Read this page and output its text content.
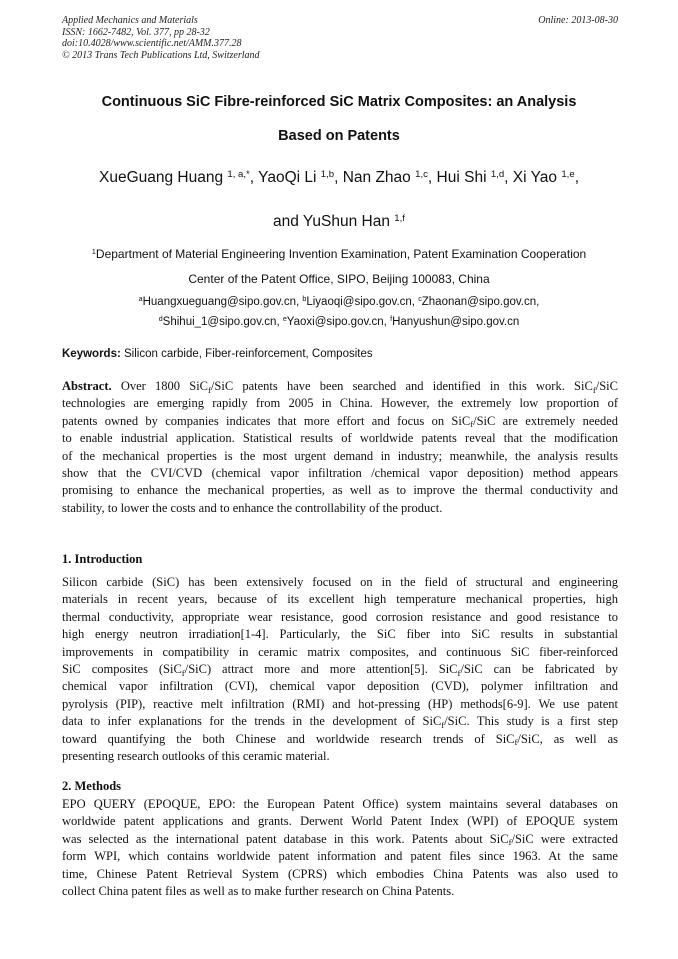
Applied Mechanics and Materials
ISSN: 1662-7482, Vol. 377, pp 28-32
doi:10.4028/www.scientific.net/AMM.377.28
© 2013 Trans Tech Publications Ltd, Switzerland
Online: 2013-08-30
Continuous SiC Fibre-reinforced SiC Matrix Composites: an Analysis
Based on Patents
XueGuang Huang $^{1, a,*}$, YaoQi Li $^{1,b}$, Nan Zhao $^{1,c}$, Hui Shi $^{1,d}$, Xi Yao $^{1,e}$,
and YuShun Han $^{1,f}$
$^1$Department of Material Engineering Invention Examination, Patent Examination Cooperation
Center of the Patent Office, SIPO, Beijing 100083, China
$^a$Huangxueguang@sipo.gov.cn, $^b$Liyaoqi@sipo.gov.cn, $^c$Zhaonan@sipo.gov.cn,
$^d$Shihui_1@sipo.gov.cn, $^e$Yaoxi@sipo.gov.cn, $^f$Hanyushun@sipo.gov.cn
Keywords: Silicon carbide, Fiber-reinforcement, Composites
Abstract. Over 1800 SiC$_f$/SiC patents have been searched and identified in this work. SiC$_f$/SiC
technologies are emerging rapidly from 2005 in China. However, the extremely low proportion of
patents owned by companies indicates that more effort and focus on SiC$_f$/SiC are extremely needed
to enable industrial application. Statistical results of worldwide patents reveal that the modification
of the mechanical properties is the most urgent demand in industry; meanwhile, the analysis results
show that the CVI/CVD (chemical vapor infiltration /chemical vapor deposition) method appears
promising to enhance the mechanical properties, as well as to improve the thermal conductivity and
stability, to lower the costs and to enhance the controllability of the product.
1. Introduction
Silicon carbide (SiC) has been extensively focused on in the field of structural and engineering
materials in recent years, because of its excellent high temperature mechanical properties, high
thermal conductivity, appropriate wear resistance, good corrosion resistance and good resistance to
high energy neutron irradiation[1-4]. Particularly, the SiC fiber into SiC results in substantial
improvements in compatibility in ceramic matrix composites, and continuous SiC fiber-reinforced
SiC composites (SiC$_f$/SiC) attract more and more attention[5]. SiC$_f$/SiC can be fabricated by
chemical vapor infiltration (CVI), chemical vapor deposition (CVD), polymer infiltration and
pyrolysis (PIP), reactive melt infiltration (RMI) and hot-pressing (HP) methods[6-9]. We use patent
data to infer explanations for the trends in the development of SiC$_f$/SiC. This study is a first step
toward quantifying the both Chinese and worldwide research trends of SiC$_f$/SiC, as well as
presenting research outlooks of this ceramic material.
2. Methods
EPO QUERY (EPOQUE, EPO: the European Patent Office) system maintains several databases on
worldwide patent applications and grants. Derwent World Patent Index (WPI) of EPOQUE system
was selected as the international patent database in this work. Patents about SiC$_f$/SiC were extracted
form WPI, which contains worldwide patent information and patent files since 1963. At the same
time, Chinese Patent Retrieval System (CPRS) which embodies China Patents was also used to
collect China patent files as well as to make further research on China Patents.
